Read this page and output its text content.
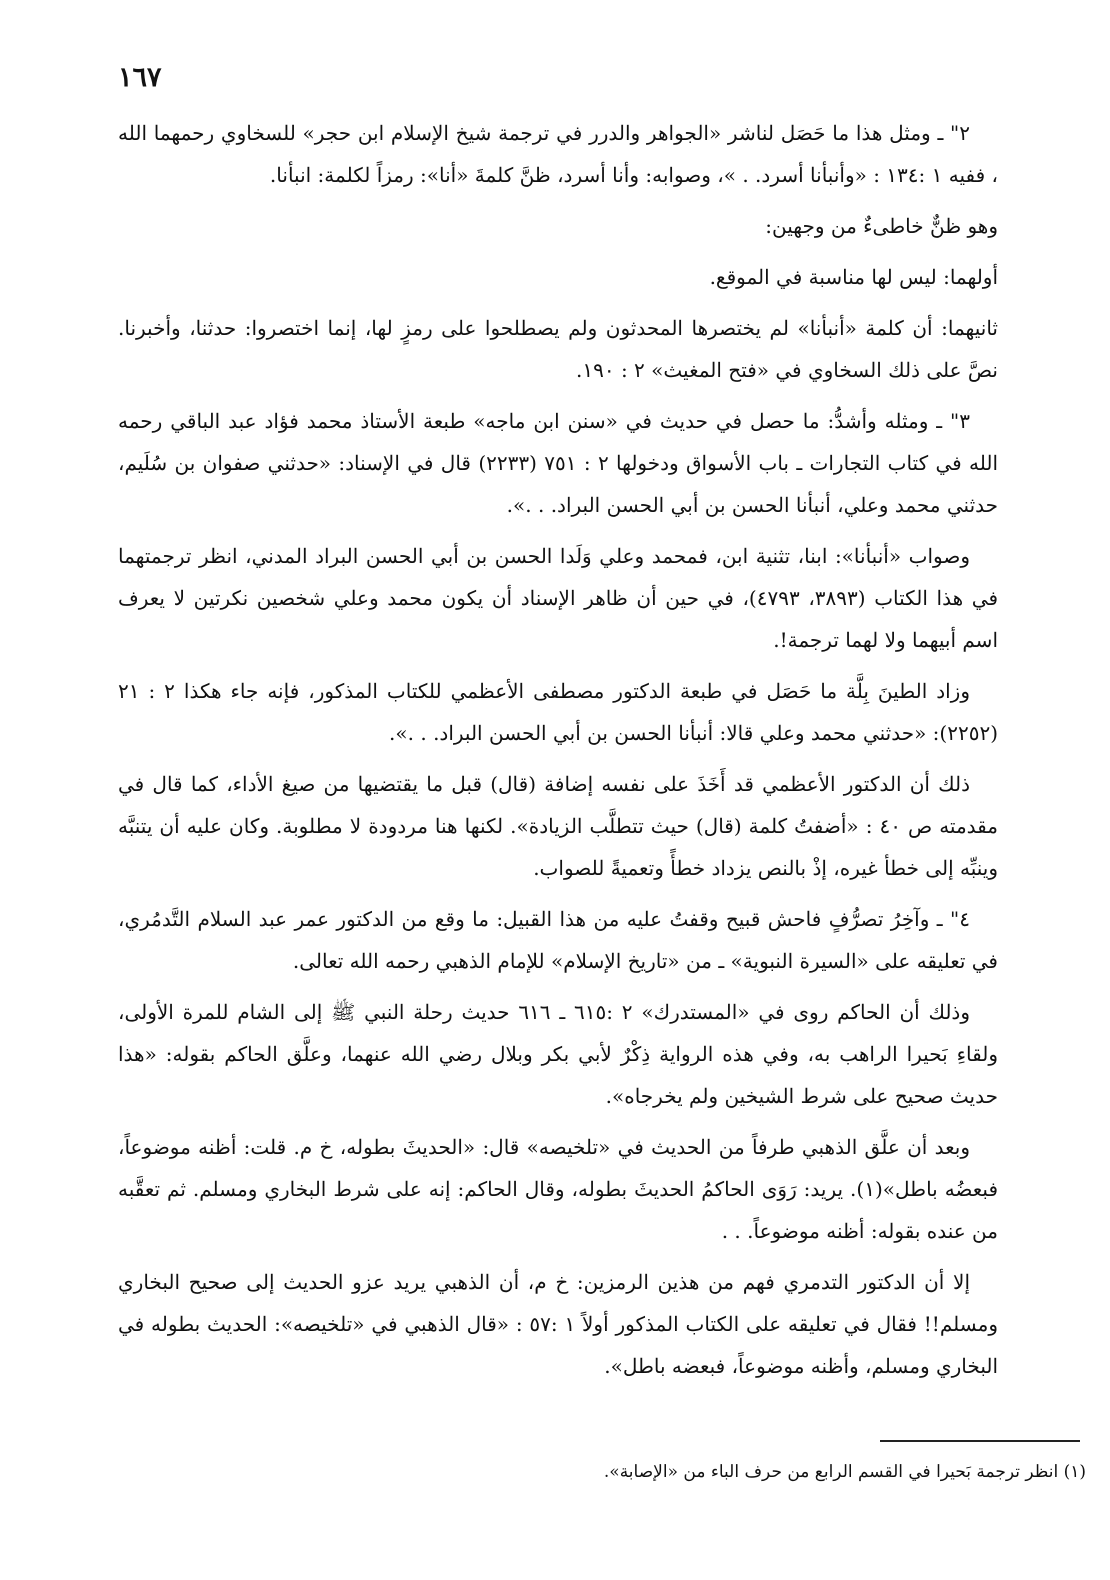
١٦٧

٢" ـ ومثل هذا ما حَصَل لناشر «الجواهر والدرر في ترجمة شيخ الإسلام ابن حجر» للسخاوي رحمهما الله ، ففيه ١ :١٣٤ : «وأنبأنا أسرد. . »، وصوابه: وأنا أسرد، ظنَّ كلمةَ «أنا»: رمزاً لكلمة: انبأنا.

وهو ظنٌّ خاطىءٌ من وجهين:

أولهما: ليس لها مناسبة في الموقع.

ثانيهما: أن كلمة «أنبأنا» لم يختصرها المحدثون ولم يصطلحوا على رمزٍ لها، إنما اختصروا: حدثنا، وأخبرنا. نصَّ على ذلك السخاوي في «فتح المغيث» ٢ : ١٩٠.

٣" ـ ومثله وأشدُّ: ما حصل في حديث في «سنن ابن ماجه» طبعة الأستاذ محمد فؤاد عبد الباقي رحمه الله في كتاب التجارات ـ باب الأسواق ودخولها ٢ : ٧٥١ (٢٢٣٣) قال في الإسناد: «حدثني صفوان بن سُلَيم، حدثني محمد وعلي، أنبأنا الحسن بن أبي الحسن البراد. . .».

وصواب «أنبأنا»: ابنا، تثنية ابن، فمحمد وعلي وَلَدا الحسن بن أبي الحسن البراد المدني، انظر ترجمتهما في هذا الكتاب (٣٨٩٣، ٤٧٩٣)، في حين أن ظاهر الإسناد أن يكون محمد وعلي شخصين نكرتين لا يعرف اسم أبيهما ولا لهما ترجمة!.

وزاد الطينَ بِلَّة ما حَصَل في طبعة الدكتور مصطفى الأعظمي للكتاب المذكور، فإنه جاء هكذا ٢ : ٢١ (٢٢٥٢): «حدثني محمد وعلي قالا: أنبأنا الحسن بن أبي الحسن البراد. . .».

ذلك أن الدكتور الأعظمي قد أَخَذَ على نفسه إضافة (قال) قبل ما يقتضيها من صيغ الأداء، كما قال في مقدمته ص ٤٠ : «أضفتُ كلمة (قال) حيث تتطلَّب الزيادة». لكنها هنا مردودة لا مطلوبة. وكان عليه أن يتنبَّه وينبِّه إلى خطأ غيره، إذْ بالنص يزداد خطأً وتعميةً للصواب.

٤" ـ وآخِرُ تصرُّفٍ فاحش قبيح وقفتُ عليه من هذا القبيل: ما وقع من الدكتور عمر عبد السلام التَّدمُري، في تعليقه على «السيرة النبوية» ـ من «تاريخ الإسلام» للإمام الذهبي رحمه الله تعالى.

وذلك أن الحاكم روى في «المستدرك» ٢ :٦١٥ ـ ٦١٦ حديث رحلة النبي ﷺ إلى الشام للمرة الأولى، ولقاءِ بَحيرا الراهب به، وفي هذه الرواية ذِكْرٌ لأبي بكر وبلال رضي الله عنهما، وعلَّق الحاكم بقوله: «هذا حديث صحيح على شرط الشيخين ولم يخرجاه».

وبعد أن علَّق الذهبي طرفاً من الحديث في «تلخيصه» قال: «الحديثَ بطوله، خ م. قلت: أظنه موضوعاً، فبعضُه باطل»(١). يريد: رَوَى الحاكمُ الحديثَ بطوله، وقال الحاكم: إنه على شرط البخاري ومسلم. ثم تعقَّبه من عنده بقوله: أظنه موضوعاً. . .

إلا أن الدكتور التدمري فهم من هذين الرمزين: خ م، أن الذهبي يريد عزو الحديث إلى صحيح البخاري ومسلم!! فقال في تعليقه على الكتاب المذكور أولاً ١ :٥٧ : «قال الذهبي في «تلخيصه»: الحديث بطوله في البخاري ومسلم، وأظنه موضوعاً، فبعضه باطل».

(١) انظر ترجمة بَحيرا في القسم الرابع من حرف الباء من «الإصابة».
